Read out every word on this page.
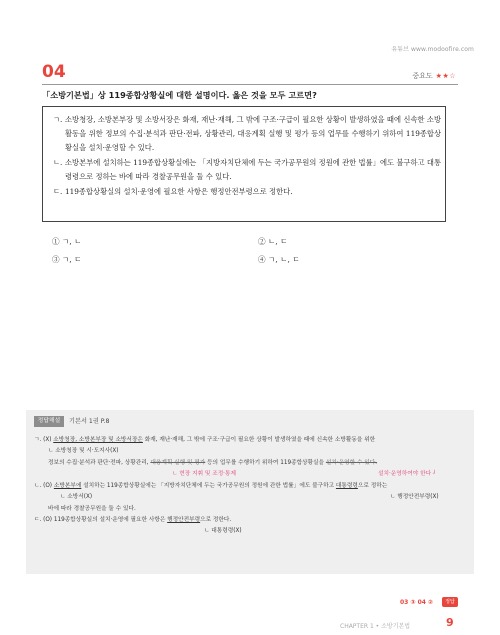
유튜브 www.modoofire.com
04	중요도 ★★☆
「소방기본법」상 119종합상황실에 대한 설명이다. 옳은 것을 모두 고르면?
ㄱ. 소방청장, 소방본부장 및 소방서장은 화재, 재난·재해, 그 밖에 구조·구급이 필요한 상황이 발생하였을 때에 신속한 소방활동을 위한 정보의 수집·분석과 판단·전파, 상황관리, 대응계획 실행 및 평가 등의 업무를 수행하기 위하여 119종합상황실을 설치·운영할 수 있다.
ㄴ. 소방본부에 설치하는 119종합상황실에는 「지방자치단체에 두는 국가공무원의 정원에 관한 법률」에도 불구하고 대통령령으로 정하는 바에 따라 경찰공무원을 둘 수 있다.
ㄷ. 119종합상황실의 설치·운영에 필요한 사항은 행정안전부령으로 정한다.
① ㄱ, ㄴ	② ㄴ, ㄷ
③ ㄱ, ㄷ	④ ㄱ, ㄴ, ㄷ
정답해설	기본서 1권 P.8
ㄱ. (X) 소방청장, 소방본부장 및 소방서장은 화재, 재난·재해, 그 밖에 구조·구급이 필요한 상황이 발생하였을 때에 신속한 소방활동을 위한
ㄴ 소방청장 및 시·도지사(X)
정보의 수집·분석과 판단·전파, 상황관리, 대응계획 실행 및 평가 등의 업무를 수행하기 위하여 119종합상황실을 설치·운영할 수 있다.
ㄴ 현장 지휘 및 조정·통제	설치·운영하여야 한다 ┘
ㄴ. (O) 소방본부에 설치하는 119종합상황실에는 「지방자치단체에 두는 국가공무원의 정원에 관한 법률」에도 불구하고 대통령령으로 정하는
ㄴ 소방서(X)	ㄴ 행정안전부령(X)
바에 따라 경찰공무원을 둘 수 있다.
ㄷ. (O) 119종합상황실의 설치·운영에 필요한 사항은 행정안전부령으로 정한다.
ㄴ 대통령령(X)
03 ③ 04 ②	정답
CHAPTER 1 • 소방기본법	9
